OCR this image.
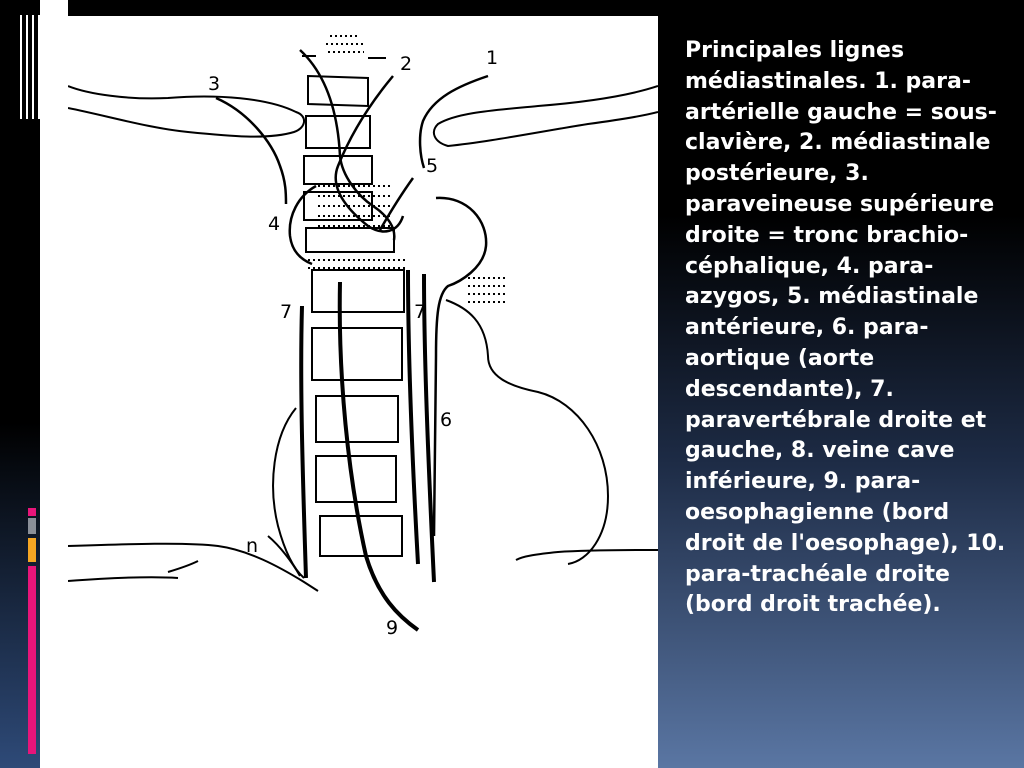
1
2
3
4
5
6
7
7
n
9

Principales lignes médiastinales. 1. para-artérielle gauche = sous-clavière, 2. médiastinale postérieure, 3. paraveineuse supérieure droite = tronc brachio-céphalique, 4. para-azygos, 5. médiastinale antérieure, 6. para-aortique (aorte descendante), 7. paravertébrale droite et gauche, 8. veine cave inférieure, 9. para-oesophagienne (bord droit de l'oesophage), 10. para-trachéale droite (bord droit trachée).
